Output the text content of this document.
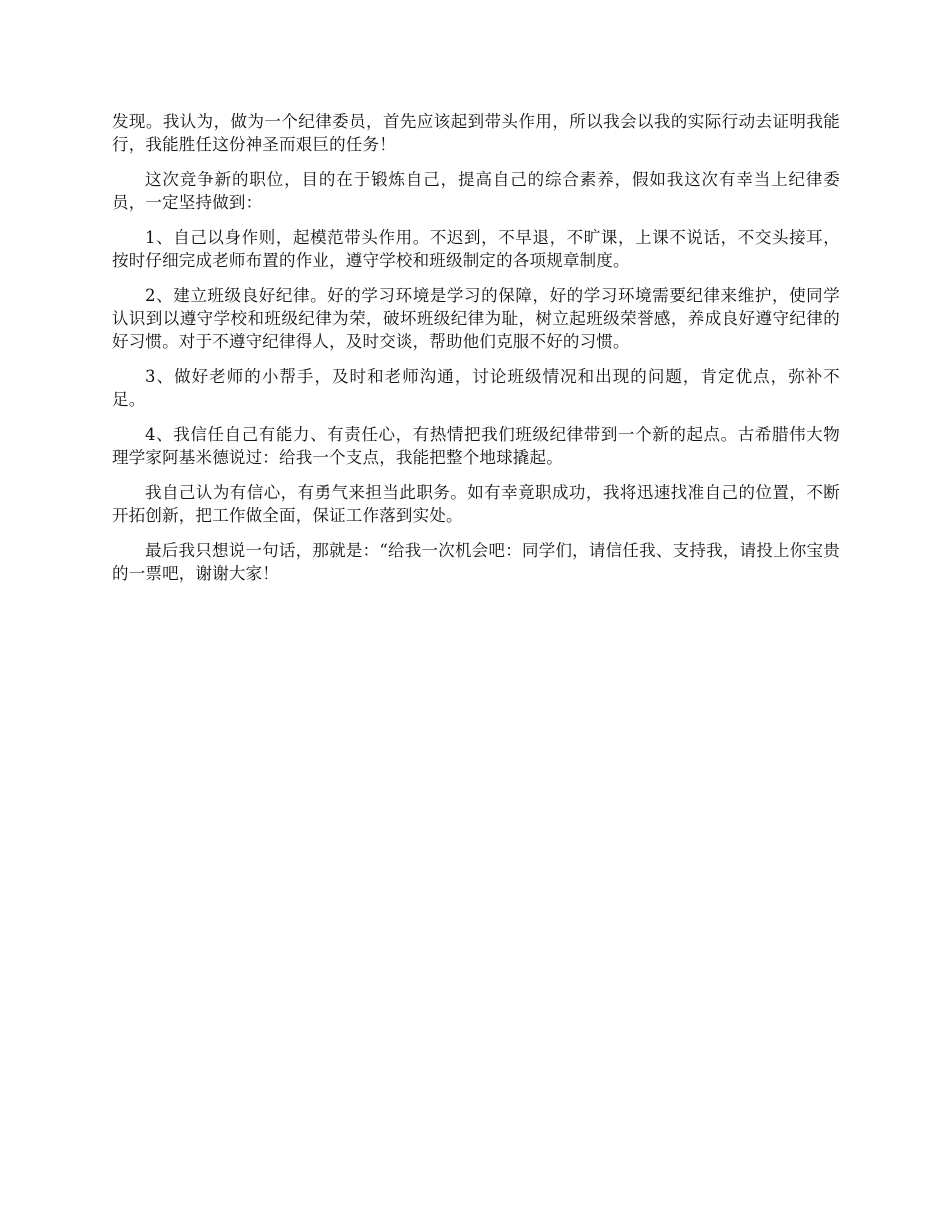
发现。我认为，做为一个纪律委员，首先应该起到带头作用，所以我会以我的实际行动去证明我能行，我能胜任这份神圣而艰巨的任务！

这次竞争新的职位，目的在于锻炼自己，提高自己的综合素养，假如我这次有幸当上纪律委员，一定坚持做到：

1、自己以身作则，起模范带头作用。不迟到，不早退，不旷课，上课不说话，不交头接耳，按时仔细完成老师布置的作业，遵守学校和班级制定的各项规章制度。

2、建立班级良好纪律。好的学习环境是学习的保障，好的学习环境需要纪律来维护，使同学认识到以遵守学校和班级纪律为荣，破坏班级纪律为耻，树立起班级荣誉感，养成良好遵守纪律的好习惯。对于不遵守纪律得人，及时交谈，帮助他们克服不好的习惯。

3、做好老师的小帮手，及时和老师沟通，讨论班级情况和出现的问题，肯定优点，弥补不足。

4、我信任自己有能力、有责任心，有热情把我们班级纪律带到一个新的起点。古希腊伟大物理学家阿基米德说过：给我一个支点，我能把整个地球撬起。

我自己认为有信心，有勇气来担当此职务。如有幸竟职成功，我将迅速找准自己的位置，不断开拓创新，把工作做全面，保证工作落到实处。

最后我只想说一句话，那就是：“给我一次机会吧：同学们，请信任我、支持我，请投上你宝贵的一票吧，谢谢大家！
